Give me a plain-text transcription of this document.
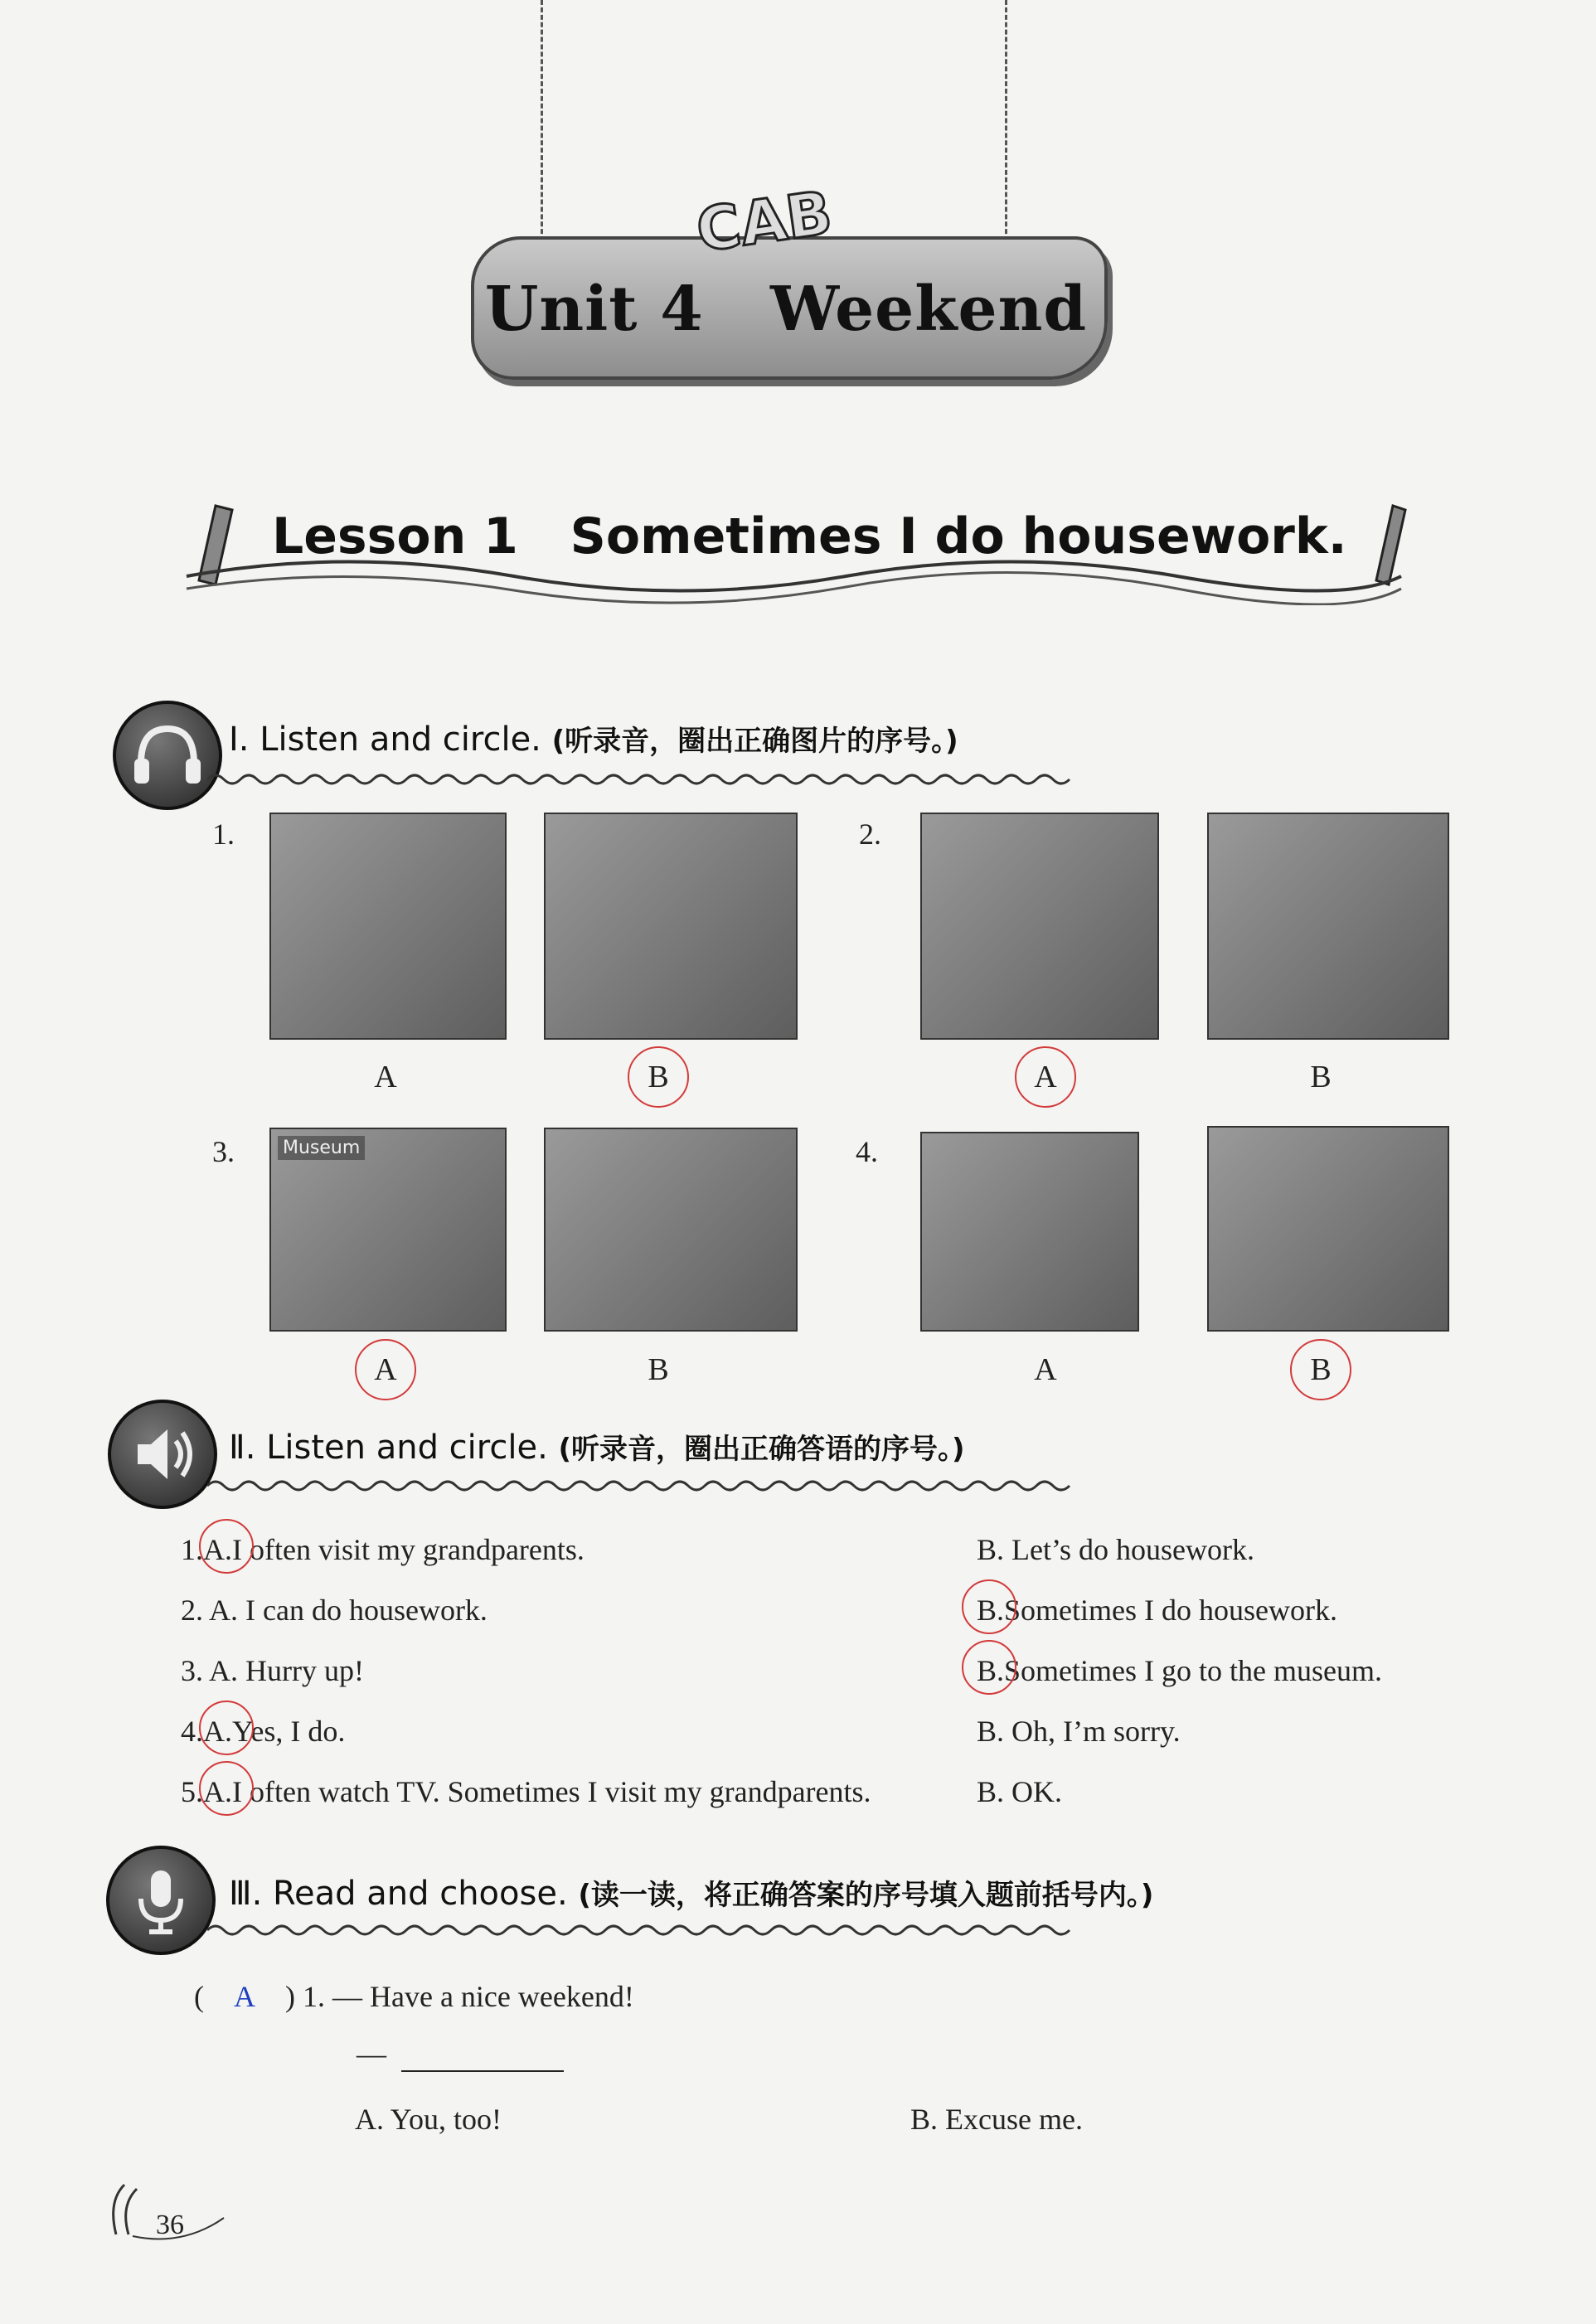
CAB
Unit 4 Weekend
Lesson 1 Sometimes I do housework.
Ⅰ. Listen and circle. (听录音，圈出正确图片的序号。)
1.
A	B
2.
A	B
3.	Museum
A	B
4.
A	B
Ⅱ. Listen and circle. (听录音，圈出正确答语的序号。)
1.A.I often visit my grandparents.	B. Let’s do housework.
2. A. I can do housework.	B.Sometimes I do housework.
3. A. Hurry up!	B.Sometimes I go to the museum.
4.A.Yes, I do.	B. Oh, I’m sorry.
5.A.I often watch TV. Sometimes I visit my grandparents.	B. OK.
Ⅲ. Read and choose. (读一读，将正确答案的序号填入题前括号内。)
( A ) 1. — Have a nice weekend!
—
A. You, too!	B. Excuse me.
36
